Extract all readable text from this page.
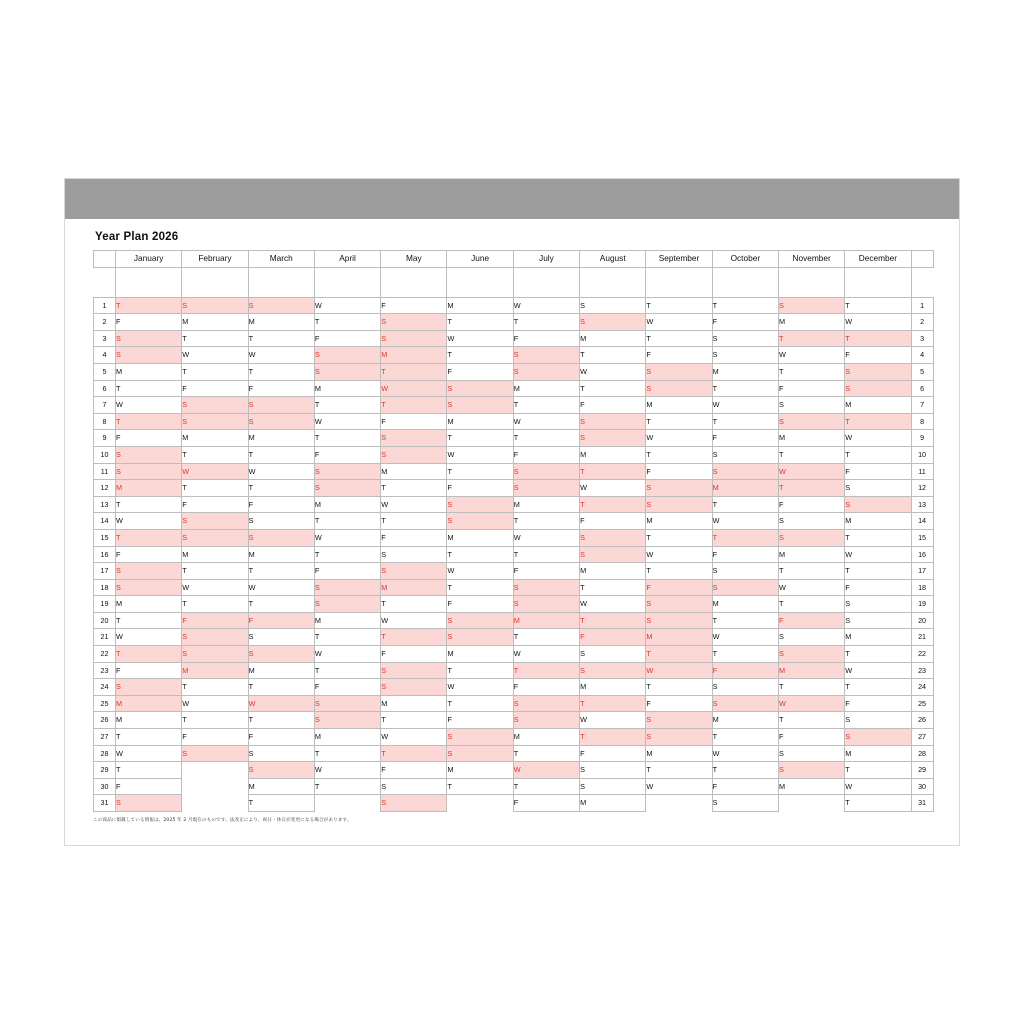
Year Plan 2026
	January	February	March	April	May	June	July	August	September	October	November	December	

1	T	S	S	W	F	M	W	S	T	T	S	T	1
2	F	M	M	T	S	T	T	S	W	F	M	W	2
3	S	T	T	F	S	W	F	M	T	S	T	T	3
4	S	W	W	S	M	T	S	T	F	S	W	F	4
5	M	T	T	S	T	F	S	W	S	M	T	S	5
6	T	F	F	M	W	S	M	T	S	T	F	S	6
7	W	S	S	T	T	S	T	F	M	W	S	M	7
8	T	S	S	W	F	M	W	S	T	T	S	T	8
9	F	M	M	T	S	T	T	S	W	F	M	W	9
10	S	T	T	F	S	W	F	M	T	S	T	T	10
11	S	W	W	S	M	T	S	T	F	S	W	F	11
12	M	T	T	S	T	F	S	W	S	M	T	S	12
13	T	F	F	M	W	S	M	T	S	T	F	S	13
14	W	S	S	T	T	S	T	F	M	W	S	M	14
15	T	S	S	W	F	M	W	S	T	T	S	T	15
16	F	M	M	T	S	T	T	S	W	F	M	W	16
17	S	T	T	F	S	W	F	M	T	S	T	T	17
18	S	W	W	S	M	T	S	T	F	S	W	F	18
19	M	T	T	S	T	F	S	W	S	M	T	S	19
20	T	F	F	M	W	S	M	T	S	T	F	S	20
21	W	S	S	T	T	S	T	F	M	W	S	M	21
22	T	S	S	W	F	M	W	S	T	T	S	T	22
23	F	M	M	T	S	T	T	S	W	F	M	W	23
24	S	T	T	F	S	W	F	M	T	S	T	T	24
25	M	W	W	S	M	T	S	T	F	S	W	F	25
26	M	T	T	S	T	F	S	W	S	M	T	S	26
27	T	F	F	M	W	S	M	T	S	T	F	S	27
28	W	S	S	T	T	S	T	F	M	W	S	M	28
29	T		S	W	F	M	W	S	T	T	S	T	29
30	F		M	T	S	T	T	S	W	F	M	W	30
31	S		T		S		F	M		S		T	31
この商品に掲載している情報は、2025 年 2 月現在のものです。法改正により、祝日・休日が変更になる場合があります。
